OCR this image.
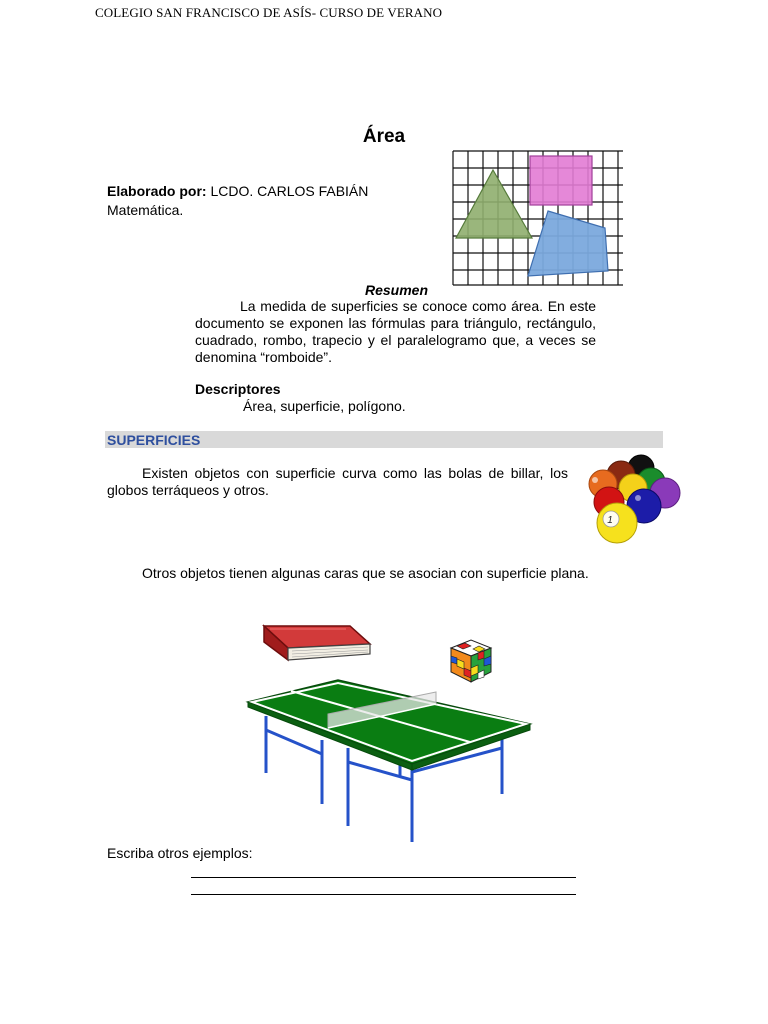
COLEGIO SAN FRANCISCO DE ASÍS- CURSO DE VERANO
Área
Elaborado por: LCDO. CARLOS FABIÁN
Matemática.
Resumen
La medida de superficies se conoce como área. En este documento se exponen las fórmulas para triángulo, rectángulo, cuadrado, rombo, trapecio y el paralelogramo que, a veces se denomina “romboide”.
Descriptores
Área, superficie, polígono.
SUPERFICIES
Existen objetos con superficie curva como las bolas de billar, los globos terráqueos y otros.
1
Otros objetos tienen algunas caras que se asocian con superficie plana.
Escriba otros ejemplos:
